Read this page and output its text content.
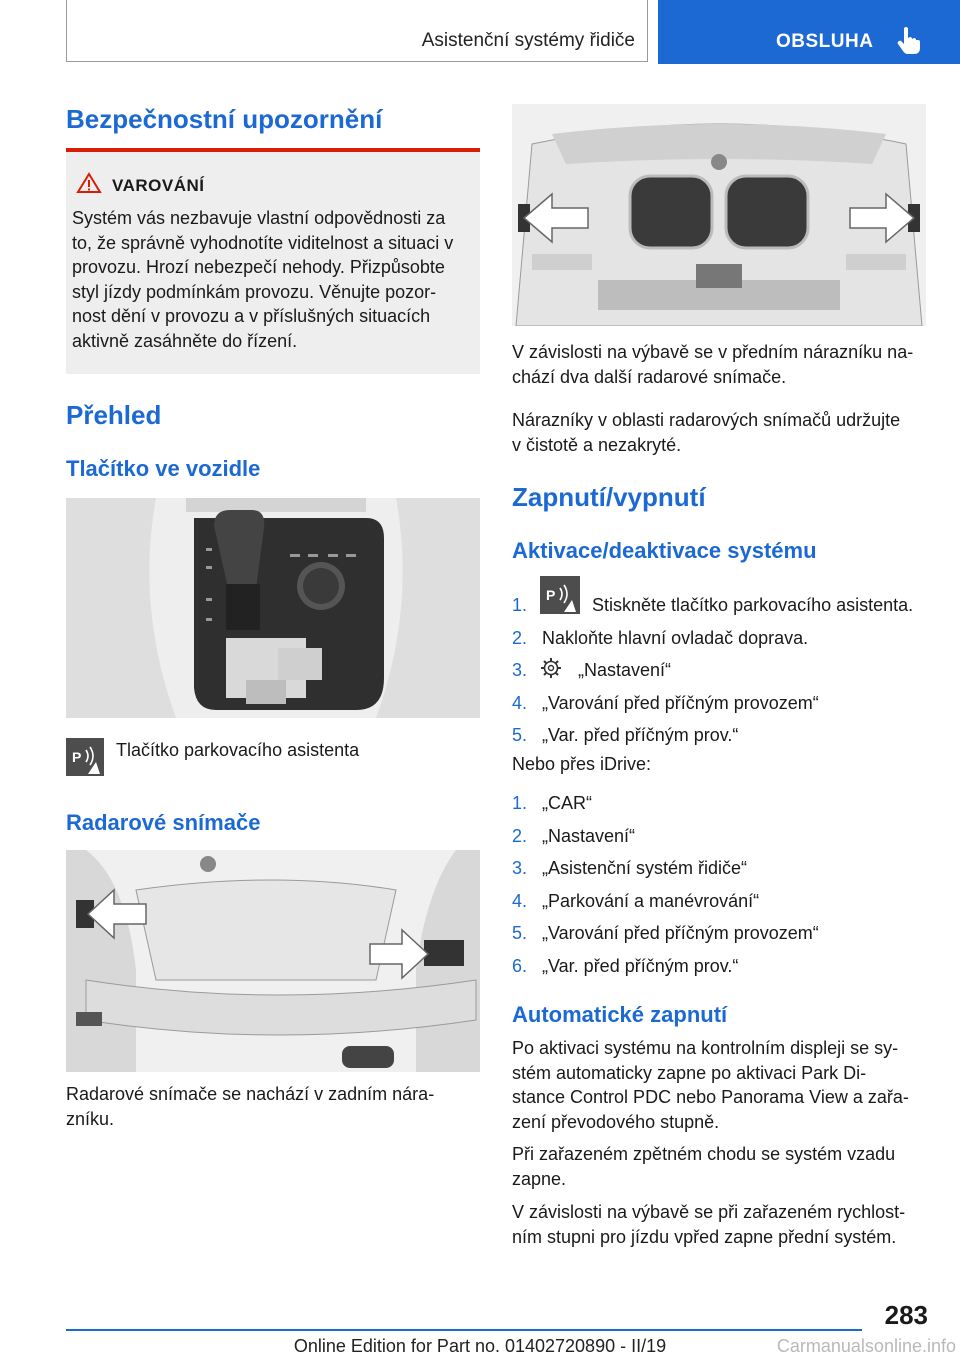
Asistenční systémy řidiče	OBSLUHA
Bezpečnostní upozornění
VAROVÁNÍ
Systém vás nezbavuje vlastní odpovědnosti za
to, že správně vyhodnotíte viditelnost a situaci v
provozu. Hrozí nebezpečí nehody. Přizpůsobte
styl jízdy podmínkám provozu. Věnujte pozor-
nost dění v provozu a v příslušných situacích
aktivně zasáhněte do řízení.
Přehled
Tlačítko ve vozidle
P Tlačítko parkovacího asistenta
Radarové snímače
Radarové snímače se nachází v zadním nára-
zníku.
V závislosti na výbavě se v předním nárazníku na-
chází dva další radarové snímače.
Nárazníky v oblasti radarových snímačů udržujte
v čistotě a nezakryté.
Zapnutí/vypnutí
Aktivace/deaktivace systému
1. P Stiskněte tlačítko parkovacího asistenta.
2. Nakloňte hlavní ovladač doprava.
3.	„Nastavení“
4. „Varování před příčným provozem“
5. „Var. před příčným prov.“
Nebo přes iDrive:
1. „CAR“
2. „Nastavení“
3. „Asistenční systém řidiče“
4. „Parkování a manévrování“
5. „Varování před příčným provozem“
6. „Var. před příčným prov.“
Automatické zapnutí
Po aktivaci systému na kontrolním displeji se sy-
stém automaticky zapne po aktivaci Park Di-
stance Control PDC nebo Panorama View a zařa-
zení převodového stupně.
Při zařazeném zpětném chodu se systém vzadu
zapne.
V závislosti na výbavě se při zařazeném rychlost-
ním stupni pro jízdu vpřed zapne přední systém.
283
Online Edition for Part no. 01402720890 - II/19	Carmanualsonline.info
